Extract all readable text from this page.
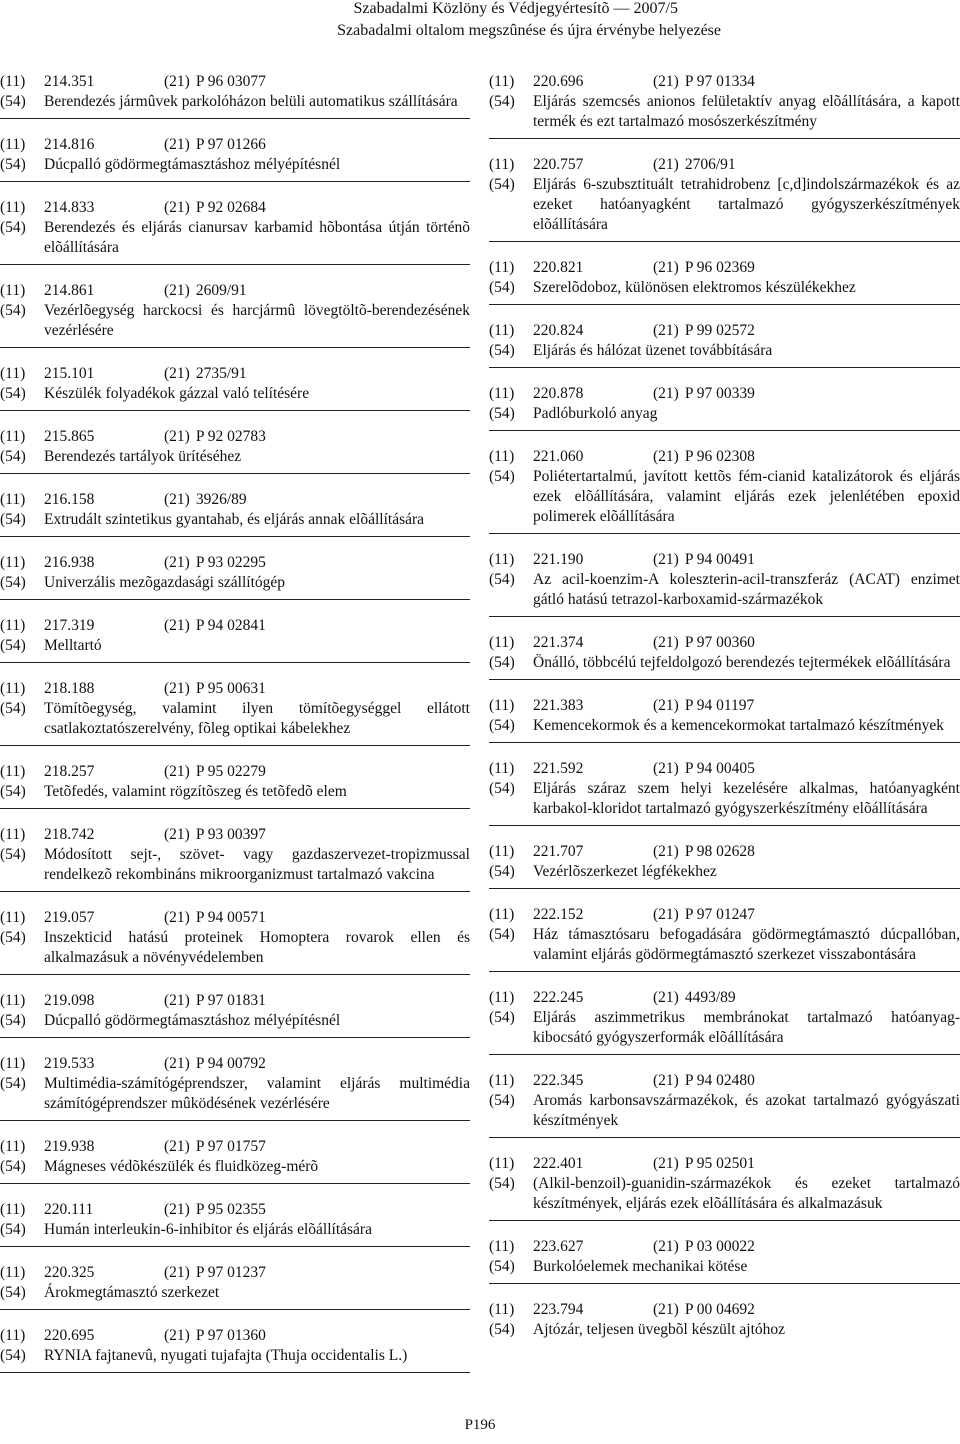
Szabadalmi Közlöny és Védjegyértesítõ — 2007/5
Szabadalmi oltalom megszûnése és újra érvénybe helyezése
(11)	214.351	(21) P 96 03077
(54)	Berendezés jármûvek parkolóházon belüli automatikus szállítására
(11)	214.816	(21) P 97 01266
(54)	Dúcpalló gödörmegtámasztáshoz mélyépítésnél
(11)	214.833	(21) P 92 02684
(54)	Berendezés és eljárás cianursav karbamid hõbontása útján történõ elõállítására
(11)	214.861	(21) 2609/91
(54)	Vezérlõegység harckocsi és harcjármû lövegtöltõ-berendezésének vezérlésére
(11)	215.101	(21) 2735/91
(54)	Készülék folyadékok gázzal való telítésére
(11)	215.865	(21) P 92 02783
(54)	Berendezés tartályok ürítéséhez
(11)	216.158	(21) 3926/89
(54)	Extrudált szintetikus gyantahab, és eljárás annak elõállítására
(11)	216.938	(21) P 93 02295
(54)	Univerzális mezõgazdasági szállítógép
(11)	217.319	(21) P 94 02841
(54)	Melltartó
(11)	218.188	(21) P 95 00631
(54)	Tömítõegység, valamint ilyen tömítõegységgel ellátott csatlakoztatószerelvény, fõleg optikai kábelekhez
(11)	218.257	(21) P 95 02279
(54)	Tetõfedés, valamint rögzítõszeg és tetõfedõ elem
(11)	218.742	(21) P 93 00397
(54)	Módosított sejt-, szövet- vagy gazdaszervezet-tropizmussal rendelkezõ rekombináns mikroorganizmust tartalmazó vakcina
(11)	219.057	(21) P 94 00571
(54)	Inszekticid hatású proteinek Homoptera rovarok ellen és alkalmazásuk a növényvédelemben
(11)	219.098	(21) P 97 01831
(54)	Dúcpalló gödörmegtámasztáshoz mélyépítésnél
(11)	219.533	(21) P 94 00792
(54)	Multimédia-számítógéprendszer, valamint eljárás multimédia számítógéprendszer mûködésének vezérlésére
(11)	219.938	(21) P 97 01757
(54)	Mágneses védõkészülék és fluidközeg-mérõ
(11)	220.111	(21) P 95 02355
(54)	Humán interleukin-6-inhibitor és eljárás elõállítására
(11)	220.325	(21) P 97 01237
(54)	Árokmegtámasztó szerkezet
(11)	220.695	(21) P 97 01360
(54)	RYNIA fajtanevû, nyugati tujafajta (Thuja occidentalis L.)
(11)	220.696	(21) P 97 01334
(54)	Eljárás szemcsés anionos felületaktív anyag elõállítására, a kapott termék és ezt tartalmazó mosószerkészítmény
(11)	220.757	(21) 2706/91
(54)	Eljárás 6-szubsztituált tetrahidrobenz [c,d]indolszármazékok és az ezeket hatóanyagként tartalmazó gyógyszerkészítmények elõállítására
(11)	220.821	(21) P 96 02369
(54)	Szerelõdoboz, különösen elektromos készülékekhez
(11)	220.824	(21) P 99 02572
(54)	Eljárás és hálózat üzenet továbbítására
(11)	220.878	(21) P 97 00339
(54)	Padlóburkoló anyag
(11)	221.060	(21) P 96 02308
(54)	Poliétertartalmú, javított kettõs fém-cianid katalizátorok és eljárás ezek elõállítására, valamint eljárás ezek jelenlétében epoxid polimerek elõállítására
(11)	221.190	(21) P 94 00491
(54)	Az acil-koenzim-A koleszterin-acil-transzferáz (ACAT) enzimet gátló hatású tetrazol-karboxamid-származékok
(11)	221.374	(21) P 97 00360
(54)	Önálló, többcélú tejfeldolgozó berendezés tejtermékek elõállítására
(11)	221.383	(21) P 94 01197
(54)	Kemencekormok és a kemencekormokat tartalmazó készítmények
(11)	221.592	(21) P 94 00405
(54)	Eljárás száraz szem helyi kezelésére alkalmas, hatóanyagként karbakol-kloridot tartalmazó gyógyszerkészítmény elõállítására
(11)	221.707	(21) P 98 02628
(54)	Vezérlõszerkezet légfékekhez
(11)	222.152	(21) P 97 01247
(54)	Ház támasztósaru befogadására gödörmegtámasztó dúcpallóban, valamint eljárás gödörmegtámasztó szerkezet visszabontására
(11)	222.245	(21) 4493/89
(54)	Eljárás aszimmetrikus membránokat tartalmazó hatóanyag-kibocsátó gyógyszerformák elõállítására
(11)	222.345	(21) P 94 02480
(54)	Aromás karbonsavszármazékok, és azokat tartalmazó gyógyászati készítmények
(11)	222.401	(21) P 95 02501
(54)	(Alkil-benzoil)-guanidin-származékok és ezeket tartalmazó készítmények, eljárás ezek elõállítására és alkalmazásuk
(11)	223.627	(21) P 03 00022
(54)	Burkolóelemek mechanikai kötése
(11)	223.794	(21) P 00 04692
(54)	Ajtózár, teljesen üvegbõl készült ajtóhoz
P196
